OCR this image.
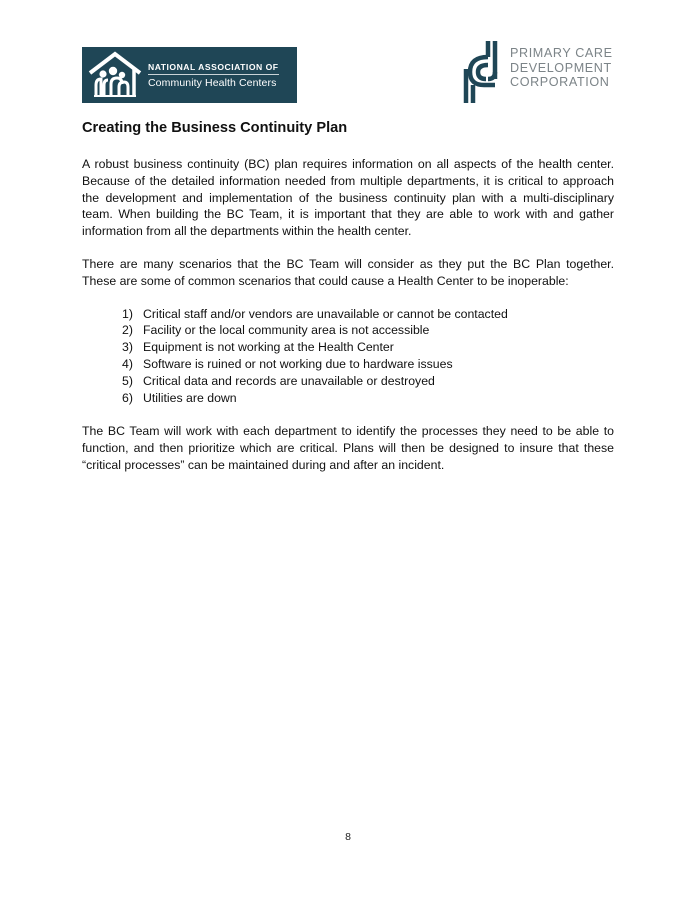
NATIONAL ASSOCIATION OF
Community Health Centers
PRIMARY CARE
DEVELOPMENT
CORPORATION
Creating the Business Continuity Plan

A robust business continuity (BC) plan requires information on all aspects of the health center. Because of the detailed information needed from multiple departments, it is critical to approach the development and implementation of the business continuity plan with a multi-disciplinary team. When building the BC Team, it is important that they are able to work with and gather information from all the departments within the health center.

There are many scenarios that the BC Team will consider as they put the BC Plan together. These are some of common scenarios that could cause a Health Center to be inoperable:

1) Critical staff and/or vendors are unavailable or cannot be contacted
2) Facility or the local community area is not accessible
3) Equipment is not working at the Health Center
4) Software is ruined or not working due to hardware issues
5) Critical data and records are unavailable or destroyed
6) Utilities are down

The BC Team will work with each department to identify the processes they need to be able to function, and then prioritize which are critical. Plans will then be designed to insure that these “critical processes” can be maintained during and after an incident.

8
